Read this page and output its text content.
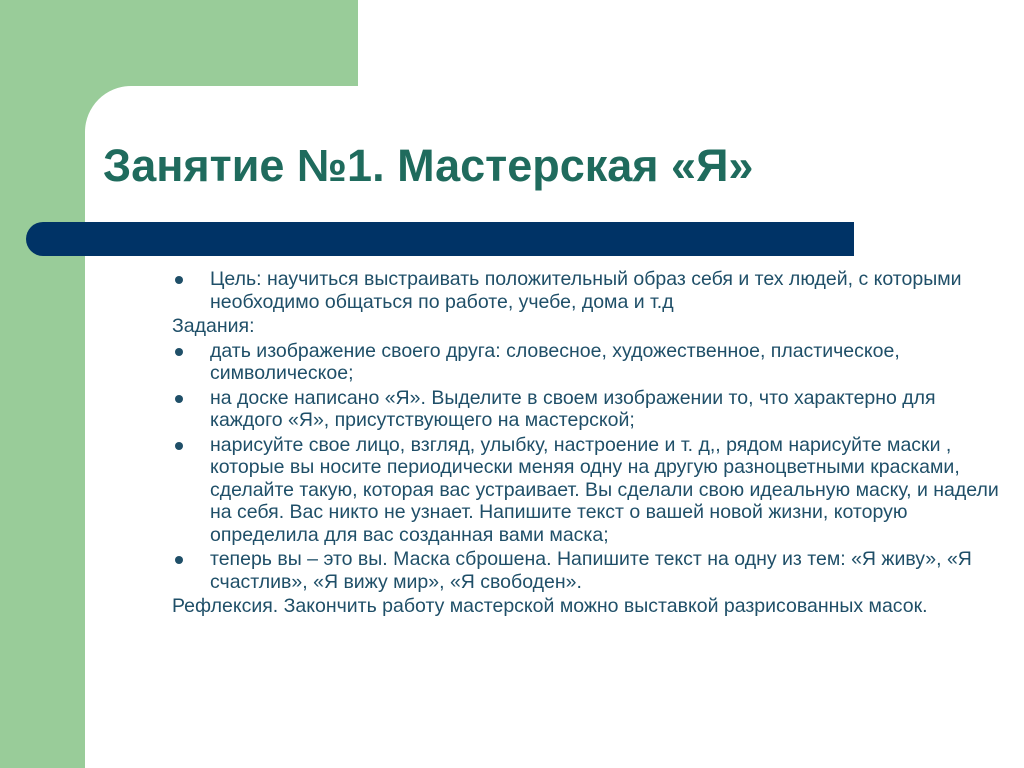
Занятие №1. Мастерская «Я»
Цель: научиться выстраивать положительный образ себя и тех людей, с которыми необходимо общаться по работе, учебе, дома и т.д
Задания:
дать изображение своего друга: словесное, художественное, пластическое, символическое;
на доске написано «Я». Выделите в своем изображении то, что характерно для каждого «Я», присутствующего на мастерской;
нарисуйте свое лицо, взгляд, улыбку, настроение и т. д,, рядом нарисуйте маски , которые вы носите периодически меняя одну на другую разноцветными красками, сделайте такую, которая вас устраивает. Вы сделали свою идеальную маску, и надели на себя. Вас никто не узнает. Напишите текст о вашей новой жизни, которую определила для вас созданная вами маска;
теперь вы – это вы. Маска сброшена. Напишите текст на одну из тем: «Я живу», «Я счастлив», «Я вижу мир», «Я свободен».
Рефлексия. Закончить работу мастерской можно выставкой разрисованных масок.
